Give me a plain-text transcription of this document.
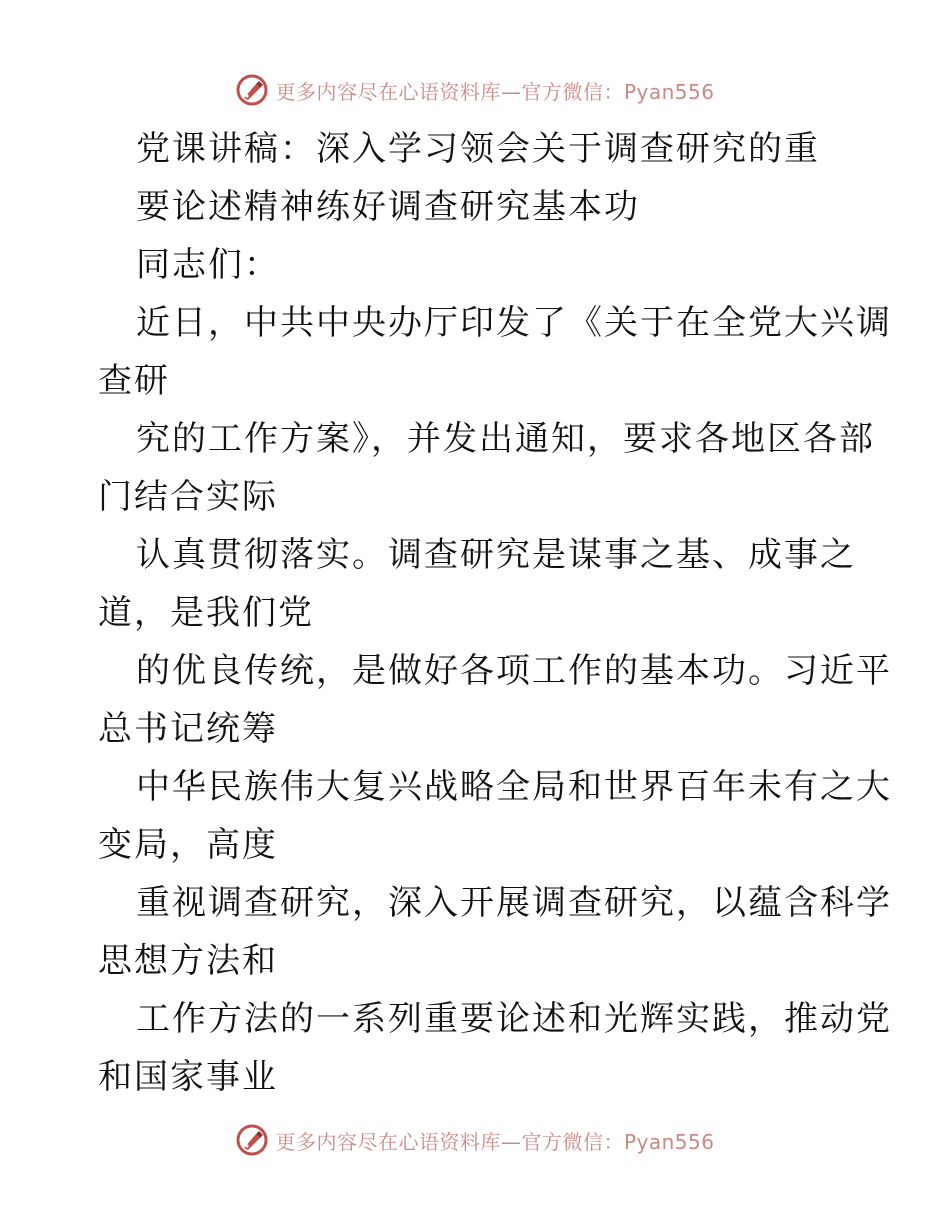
更多内容尽在心语资料库—官方微信：Pyan556
党课讲稿：深入学习领会关于调查研究的重
要论述精神练好调查研究基本功
同志们：
近日，中共中央办厅印发了《关于在全党大兴调
查研
究的工作方案》，并发出通知，要求各地区各部
门结合实际
认真贯彻落实。调查研究是谋事之基、成事之
道，是我们党
的优良传统，是做好各项工作的基本功。习近平
总书记统筹
中华民族伟大复兴战略全局和世界百年未有之大
变局，高度
重视调查研究，深入开展调查研究，以蕴含科学
思想方法和
工作方法的一系列重要论述和光辉实践，推动党
和国家事业
更多内容尽在心语资料库—官方微信：Pyan556
